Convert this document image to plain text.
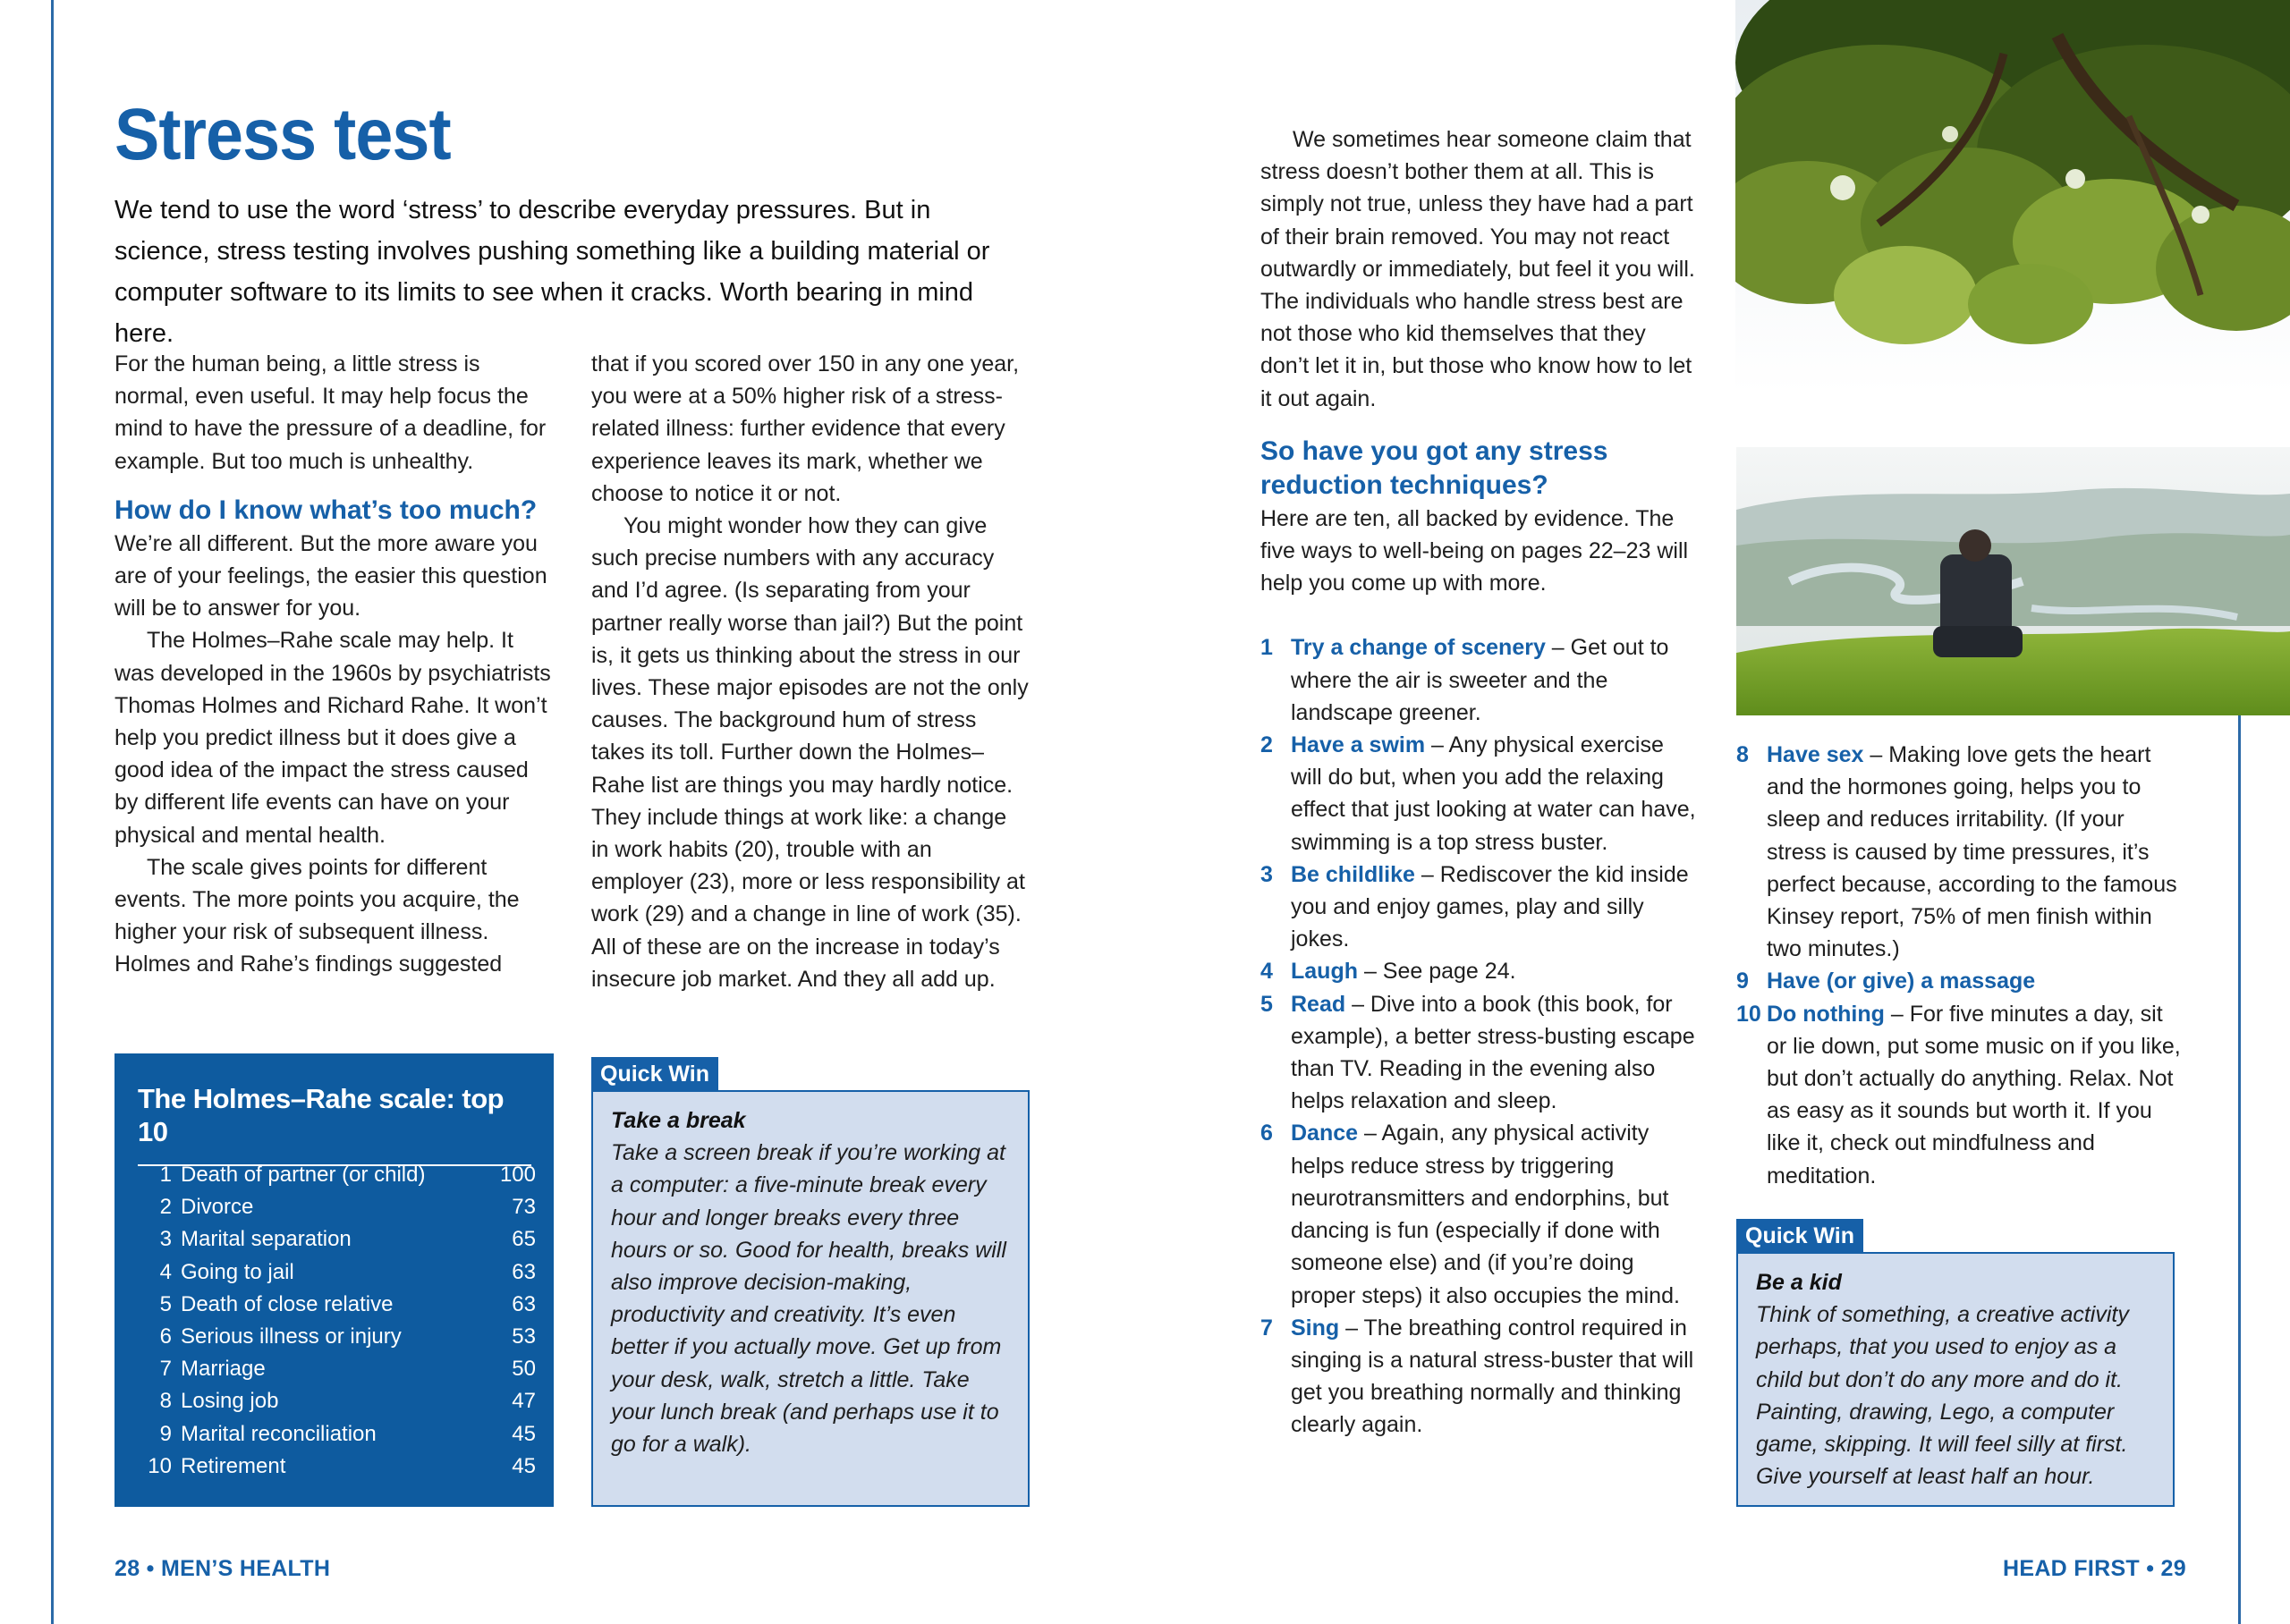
Stress test

We tend to use the word ‘stress’ to describe everyday pressures. But in science, stress testing involves pushing something like a building material or computer software to its limits to see when it cracks. Worth bearing in mind here.

For the human being, a little stress is normal, even useful. It may help focus the mind to have the pressure of a deadline, for example. But too much is unhealthy.

How do I know what’s too much?

We’re all different. But the more aware you are of your feelings, the easier this question will be to answer for you.

The Holmes–Rahe scale may help. It was developed in the 1960s by psychiatrists Thomas Holmes and Richard Rahe. It won’t help you predict illness but it does give a good idea of the impact the stress caused by different life events can have on your physical and mental health.

The scale gives points for different events. The more points you acquire, the higher your risk of subsequent illness. Holmes and Rahe’s findings suggested

that if you scored over 150 in any one year, you were at a 50% higher risk of a stress-related illness: further evidence that every experience leaves its mark, whether we choose to notice it or not.

You might wonder how they can give such precise numbers with any accuracy and I’d agree. (Is separating from your partner really worse than jail?) But the point is, it gets us thinking about the stress in our lives. These major episodes are not the only causes. The background hum of stress takes its toll. Further down the Holmes–Rahe list are things you may hardly notice. They include things at work like: a change in work habits (20), trouble with an employer (23), more or less responsibility at work (29) and a change in line of work (35). All of these are on the increase in today’s insecure job market. And they all add up.

The Holmes–Rahe scale: top 10
1 Death of partner (or child)	100
2 Divorce	73
3 Marital separation	65
4 Going to jail	63
5 Death of close relative	63
6 Serious illness or injury	53
7 Marriage	50
8 Losing job	47
9 Marital reconciliation	45
10 Retirement	45
Quick Win
Take a break
Take a screen break if you’re working at a computer: a five-minute break every hour and longer breaks every three hours or so. Good for health, breaks will also improve decision-making, productivity and creativity. It’s even better if you actually move. Get up from your desk, walk, stretch a little. Take your lunch break (and perhaps use it to go for a walk).
28 • MEN’S HEALTH

We sometimes hear someone claim that stress doesn’t bother them at all. This is simply not true, unless they have had a part of their brain removed. You may not react outwardly or immediately, but feel it you will. The individuals who handle stress best are not those who kid themselves that they don’t let it in, but those who know how to let it out again.

So have you got any stress reduction techniques?

Here are ten, all backed by evidence. The five ways to well-being on pages 22–23 will help you come up with more.

1 Try a change of scenery – Get out to where the air is sweeter and the landscape greener.
2 Have a swim – Any physical exercise will do but, when you add the relaxing effect that just looking at water can have, swimming is a top stress buster.
3 Be childlike – Rediscover the kid inside you and enjoy games, play and silly jokes.
4 Laugh – See page 24.
5 Read – Dive into a book (this book, for example), a better stress-busting escape than TV. Reading in the evening also helps relaxation and sleep.
6 Dance – Again, any physical activity helps reduce stress by triggering neurotransmitters and endorphins, but dancing is fun (especially if done with someone else) and (if you’re doing proper steps) it also occupies the mind.
7 Sing – The breathing control required in singing is a natural stress-buster that will get you breathing normally and thinking clearly again.
8 Have sex – Making love gets the heart and the hormones going, helps you to sleep and reduces irritability. (If your stress is caused by time pressures, it’s perfect because, according to the famous Kinsey report, 75% of men finish within two minutes.)
9 Have (or give) a massage
10 Do nothing – For five minutes a day, sit or lie down, put some music on if you like, but don’t actually do anything. Relax. Not as easy as it sounds but worth it. If you like it, check out mindfulness and meditation.
Quick Win
Be a kid
Think of something, a creative activity perhaps, that you used to enjoy as a child but don’t do any more and do it. Painting, drawing, Lego, a computer game, skipping. It will feel silly at first. Give yourself at least half an hour.
HEAD FIRST • 29
